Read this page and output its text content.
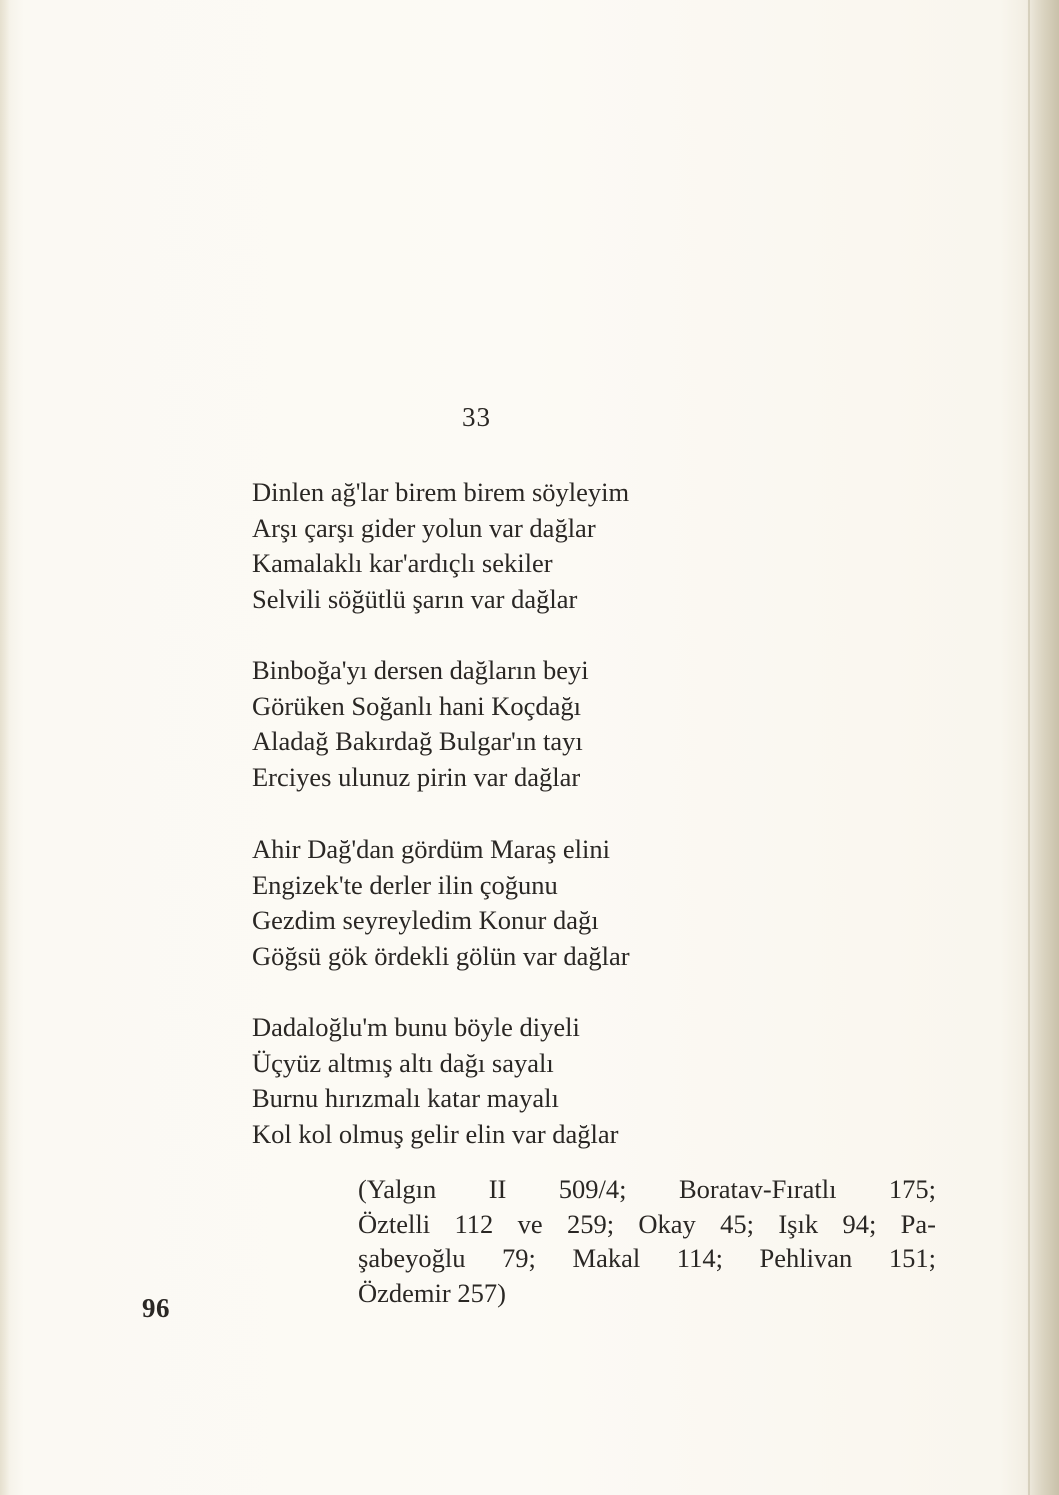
33
Dinlen ağ'lar birem birem söyleyim
Arşı çarşı gider yolun var dağlar
Kamalaklı kar'ardıçlı sekiler
Selvili söğütlü şarın var dağlar
Binboğa'yı dersen dağların beyi
Görüken Soğanlı hani Koçdağı
Aladağ Bakırdağ Bulgar'ın tayı
Erciyes ulunuz pirin var dağlar
Ahir Dağ'dan gördüm Maraş elini
Engizek'te derler ilin çoğunu
Gezdim seyreyledim Konur dağı
Göğsü gök ördekli gölün var dağlar
Dadaloğlu'm bunu böyle diyeli
Üçyüz altmış altı dağı sayalı
Burnu hırızmalı katar mayalı
Kol kol olmuş gelir elin var dağlar
(Yalgın II 509/4; Boratav-Fıratlı 175;
Öztelli 112 ve 259; Okay 45; Işık 94; Pa-
şabeyoğlu 79; Makal 114; Pehlivan 151;
Özdemir 257)
96
